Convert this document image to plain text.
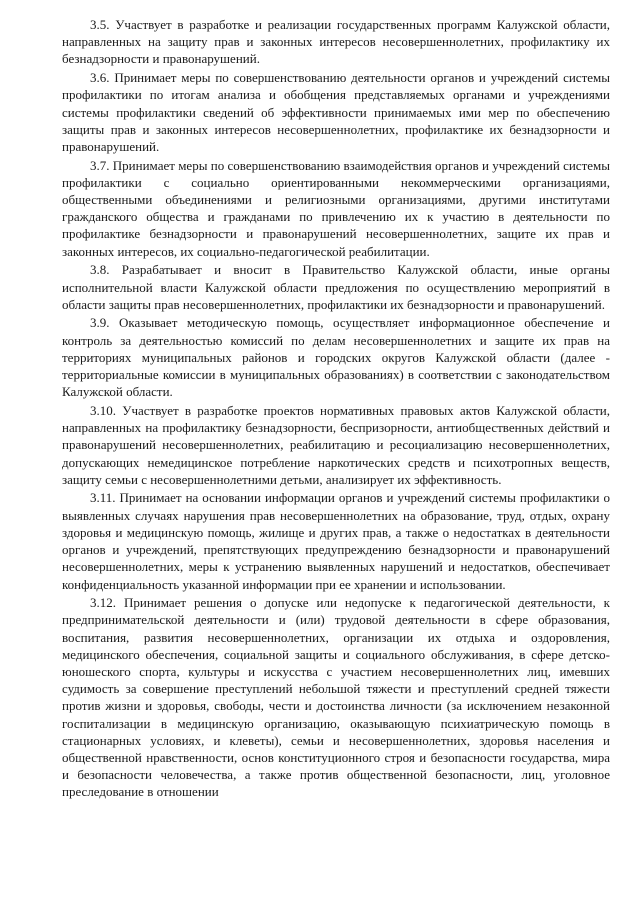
3.5. Участвует в разработке и реализации государственных программ Калужской области, направленных на защиту прав и законных интересов несовершеннолетних, профилактику их безнадзорности и правонарушений.

3.6. Принимает меры по совершенствованию деятельности органов и учреждений системы профилактики по итогам анализа и обобщения представляемых органами и учреждениями системы профилактики сведений об эффективности принимаемых ими мер по обеспечению защиты прав и законных интересов несовершеннолетних, профилактике их безнадзорности и правонарушений.

3.7. Принимает меры по совершенствованию взаимодействия органов и учреждений системы профилактики с социально ориентированными некоммерческими организациями, общественными объединениями и религиозными организациями, другими институтами гражданского общества и гражданами по привлечению их к участию в деятельности по профилактике безнадзорности и правонарушений несовершеннолетних, защите их прав и законных интересов, их социально-педагогической реабилитации.

3.8. Разрабатывает и вносит в Правительство Калужской области, иные органы исполнительной власти Калужской области предложения по осуществлению мероприятий в области защиты прав несовершеннолетних, профилактики их безнадзорности и правонарушений.

3.9. Оказывает методическую помощь, осуществляет информационное обеспечение и контроль за деятельностью комиссий по делам несовершеннолетних и защите их прав на территориях муниципальных районов и городских округов Калужской области (далее - территориальные комиссии в муниципальных образованиях) в соответствии с законодательством Калужской области.

3.10. Участвует в разработке проектов нормативных правовых актов Калужской области, направленных на профилактику безнадзорности, беспризорности, антиобщественных действий и правонарушений несовершеннолетних, реабилитацию и ресоциализацию несовершеннолетних, допускающих немедицинское потребление наркотических средств и психотропных веществ, защиту семьи с несовершеннолетними детьми, анализирует их эффективность.

3.11. Принимает на основании информации органов и учреждений системы профилактики о выявленных случаях нарушения прав несовершеннолетних на образование, труд, отдых, охрану здоровья и медицинскую помощь, жилище и других прав, а также о недостатках в деятельности органов и учреждений, препятствующих предупреждению безнадзорности и правонарушений несовершеннолетних, меры к устранению выявленных нарушений и недостатков, обеспечивает конфиденциальность указанной информации при ее хранении и использовании.

3.12. Принимает решения о допуске или недопуске к педагогической деятельности, к предпринимательской деятельности и (или) трудовой деятельности в сфере образования, воспитания, развития несовершеннолетних, организации их отдыха и оздоровления, медицинского обеспечения, социальной защиты и социального обслуживания, в сфере детско-юношеского спорта, культуры и искусства с участием несовершеннолетних лиц, имевших судимость за совершение преступлений небольшой тяжести и преступлений средней тяжести против жизни и здоровья, свободы, чести и достоинства личности (за исключением незаконной госпитализации в медицинскую организацию, оказывающую психиатрическую помощь в стационарных условиях, и клеветы), семьи и несовершеннолетних, здоровья населения и общественной нравственности, основ конституционного строя и безопасности государства, мира и безопасности человечества, а также против общественной безопасности, лиц, уголовное преследование в отношении
